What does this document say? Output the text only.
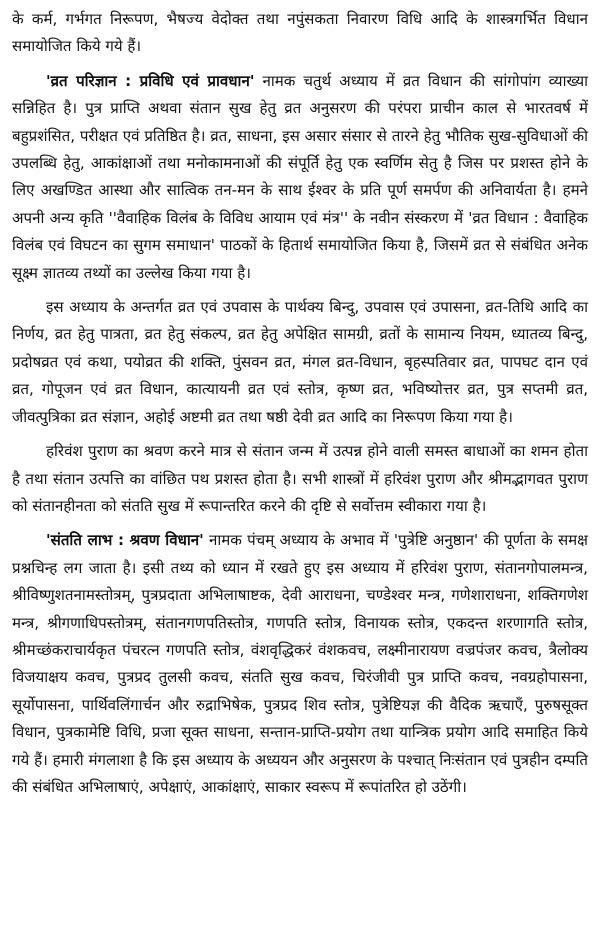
के कर्म, गर्भगत निरूपण, भैषज्य वेदोक्त तथा नपुंसकता निवारण विधि आदि के शास्त्रगर्भित विधान समायोजित किये गये हैं।

'व्रत परिज्ञान : प्रविधि एवं प्रावधान' नामक चतुर्थ अध्याय में व्रत विधान की सांगोपांग व्याख्या सन्निहित है। पुत्र प्राप्ति अथवा संतान सुख हेतु व्रत अनुसरण की परंपरा प्राचीन काल से भारतवर्ष में बहुप्रशंसित, परीक्षत एवं प्रतिष्ठित है। व्रत, साधना, इस असार संसार से तारने हेतु भौतिक सुख-सुविधाओं की उपलब्धि हेतु, आकांक्षाओं तथा मनोकामनाओं की संपूर्ति हेतु एक स्वर्णिम सेतु है जिस पर प्रशस्त होने के लिए अखण्डित आस्था और सात्विक तन-मन के साथ ईश्वर के प्रति पूर्ण समर्पण की अनिवार्यता है। हमने अपनी अन्य कृति ''वैवाहिक विलंब के विविध आयाम एवं मंत्र'' के नवीन संस्करण में 'व्रत विधान : वैवाहिक विलंब एवं विघटन का सुगम समाधान' पाठकों के हितार्थ समायोजित किया है, जिसमें व्रत से संबंधित अनेक सूक्ष्म ज्ञातव्य तथ्यों का उल्लेख किया गया है।

इस अध्याय के अन्तर्गत व्रत एवं उपवास के पार्थक्य बिन्दु, उपवास एवं उपासना, व्रत-तिथि आदि का निर्णय, व्रत हेतु पात्रता, व्रत हेतु संकल्प, व्रत हेतु अपेक्षित सामग्री, व्रतों के सामान्य नियम, ध्यातव्य बिन्दु, प्रदोषव्रत एवं कथा, पयोव्रत की शक्ति, पुंसवन व्रत, मंगल व्रत-विधान, बृहस्पतिवार व्रत, पापघट दान एवं व्रत, गोपूजन एवं व्रत विधान, कात्यायनी व्रत एवं स्तोत्र, कृष्ण व्रत, भविष्योत्तर व्रत, पुत्र सप्तमी व्रत, जीवत्पुत्रिका व्रत संज्ञान, अहोई अष्टमी व्रत तथा षष्ठी देवी व्रत आदि का निरूपण किया गया है।

हरिवंश पुराण का श्रवण करने मात्र से संतान जन्म में उत्पन्न होने वाली समस्त बाधाओं का शमन होता है तथा संतान उत्पत्ति का वांछित पथ प्रशस्त होता है। सभी शास्त्रों में हरिवंश पुराण और श्रीमद्भागवत पुराण को संतानहीनता को संतति सुख में रूपान्तरित करने की दृष्टि से सर्वोत्तम स्वीकारा गया है।

'संतति लाभ : श्रवण विधान' नामक पंचम् अध्याय के अभाव में 'पुत्रेष्टि अनुष्ठान' की पूर्णता के समक्ष प्रश्नचिन्ह लग जाता है। इसी तथ्य को ध्यान में रखते हुए इस अध्याय में हरिवंश पुराण, संतानगोपालमन्त्र, श्रीविष्णुशतनामस्तोत्रम्, पुत्रप्रदाता अभिलाषाष्टक, देवी आराधना, चण्डेश्वर मन्त्र, गणेशाराधना, शक्तिगणेश मन्त्र, श्रीगणाधिपस्तोत्रम्, संतानगणपतिस्तोत्र, गणपति स्तोत्र, विनायक स्तोत्र, एकदन्त शरणागति स्तोत्र, श्रीमच्छंकराचार्यकृत पंचरत्न गणपति स्तोत्र, वंशवृद्धिकरं वंशकवच, लक्ष्मीनारायण वज्रपंजर कवच, त्रैलोक्य विजयाक्षय कवच, पुत्रप्रद तुलसी कवच, संतति सुख कवच, चिरंजीवी पुत्र प्राप्ति कवच, नवग्रहोपासना, सूर्योपासना, पार्थिवलिंगार्चन और रुद्राभिषेक, पुत्रप्रद शिव स्तोत्र, पुत्रेष्टियज्ञ की वैदिक ऋचाएँ, पुरुषसूक्त विधान, पुत्रकामेष्टि विधि, प्रजा सूक्त साधना, सन्तान-प्राप्ति-प्रयोग तथा यान्त्रिक प्रयोग आदि समाहित किये गये हैं। हमारी मंगलाशा है कि इस अध्याय के अध्ययन और अनुसरण के पश्चात् निःसंतान एवं पुत्रहीन दम्पति की संबंधित अभिलाषाएं, अपेक्षाएं, आकांक्षाएं, साकार स्वरूप में रूपांतरित हो उठेंगी।
